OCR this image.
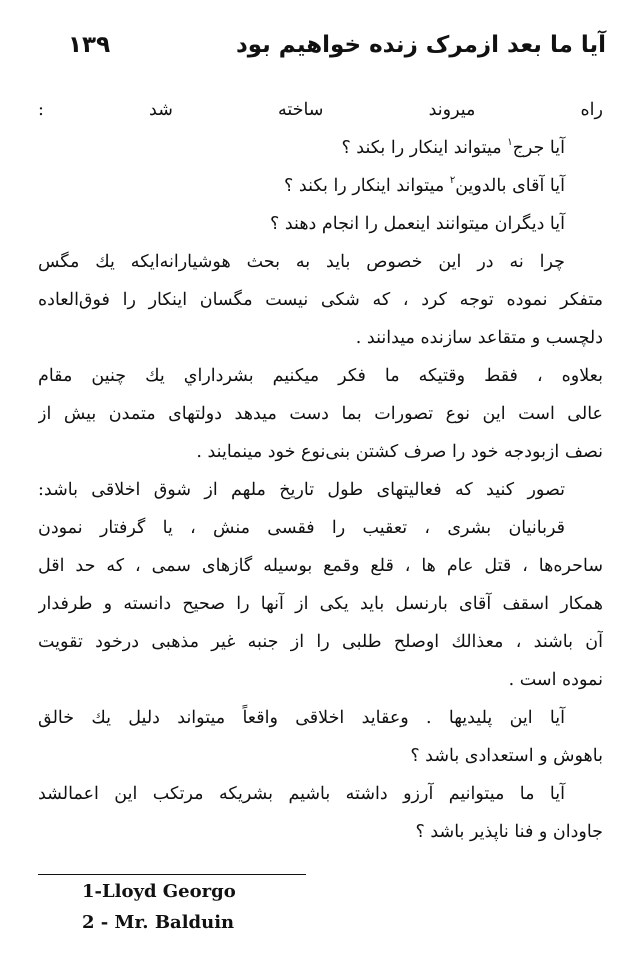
آيا ما بعد ازمرک زنده خواهيم بود
۱۳۹
راه ميروند ساخته شد :
آيا جرج$^۱$ ميتواند اينکار را بکند ؟
آيا آقای بالدوين$^۲$ ميتواند اينکار را بکند ؟
آيا ديگران ميتوانند اينعمل را انجام دهند ؟
چرا نه در اين خصوص بايد به بحث هوشيارانه‌ايکه يك مگس
متفکر نموده توجه کرد ، که شکی نيست مگسان اينکار را فوق‌العاده
دلچسب و متقاعد سازنده ميدانند .
بعلاوه ، فقط وقتيکه ما فکر ميکنيم بشرداراي يك چنين مقام
عالی است اين نوع تصورات بما دست ميدهد دولتهای متمدن بيش از
نصف ازبودجه خود را صرف کشتن بنی‌نوع خود مينمايند .
تصور کنيد که فعاليتهای طول تاريخ ملهم از شوق اخلاقی باشد:
قربانيان بشری ، تعقيب را فقسی منش ، يا گرفتار نمودن
ساحره‌ها ، قتل عام ها ، قلع وقمع بوسيله گازهای سمی ، که حد اقل
همکار اسقف آقای بارنسل بايد يکی از آنها را صحيح دانسته و طرفدار
آن باشند ، معذالك اوصلح طلبی را از جنبه غير مذهبی درخود تقويت
نموده است .
آيا اين پليديها . وعقايد اخلاقی واقعاً ميتواند دليل يك خالق
باهوش و استعدادی باشد ؟
آيا ما ميتوانيم آرزو داشته باشيم بشريکه مرتکب اين اعمالشد
جاودان و فنا ناپذير باشد ؟
1-Lloyd Georgo
2 - Mr. Balduin
